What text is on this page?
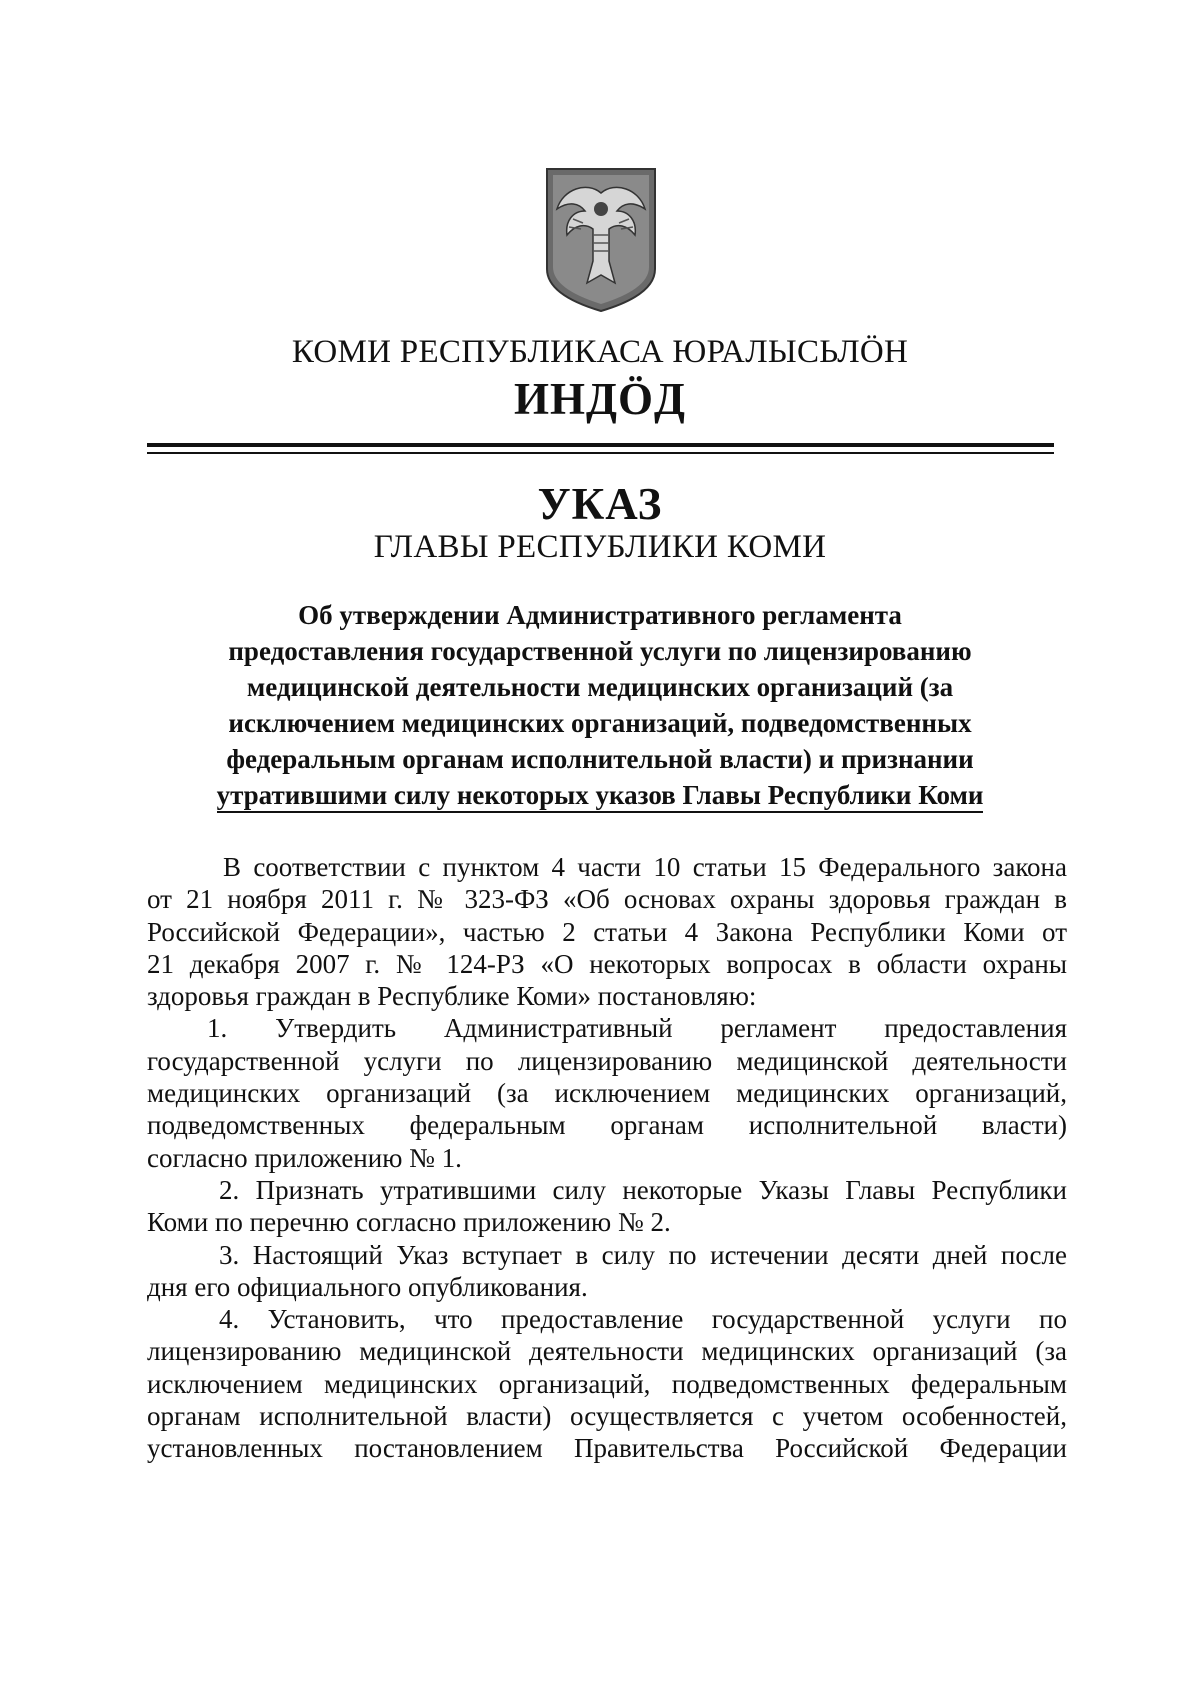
КОМИ РЕСПУБЛИКАСА ЮРАЛЫСЬЛӦН
ИНДӦД
УКАЗ
ГЛАВЫ РЕСПУБЛИКИ КОМИ
Об утверждении Административного регламента
предоставления государственной услуги по лицензированию
медицинской деятельности медицинских организаций (за
исключением медицинских организаций, подведомственных
федеральным органам исполнительной власти) и признании
утратившими силу некоторых указов Главы Республики Коми
В соответствии с пунктом 4 части 10 статьи 15 Федерального закона
от 21 ноября 2011 г. № 323-ФЗ «Об основах охраны здоровья граждан в
Российской Федерации», частью 2 статьи 4 Закона Республики Коми от
21 декабря 2007 г. № 124-РЗ «О некоторых вопросах в области охраны
здоровья граждан в Республике Коми» постановляю:
1. Утвердить Административный регламент предоставления
государственной услуги по лицензированию медицинской деятельности
медицинских организаций (за исключением медицинских организаций,
подведомственных федеральным органам исполнительной власти)
согласно приложению № 1.
2. Признать утратившими силу некоторые Указы Главы Республики
Коми по перечню согласно приложению № 2.
3. Настоящий Указ вступает в силу по истечении десяти дней после
дня его официального опубликования.
4. Установить, что предоставление государственной услуги по
лицензированию медицинской деятельности медицинских организаций (за
исключением медицинских организаций, подведомственных федеральным
органам исполнительной власти) осуществляется с учетом особенностей,
установленных постановлением Правительства Российской Федерации
